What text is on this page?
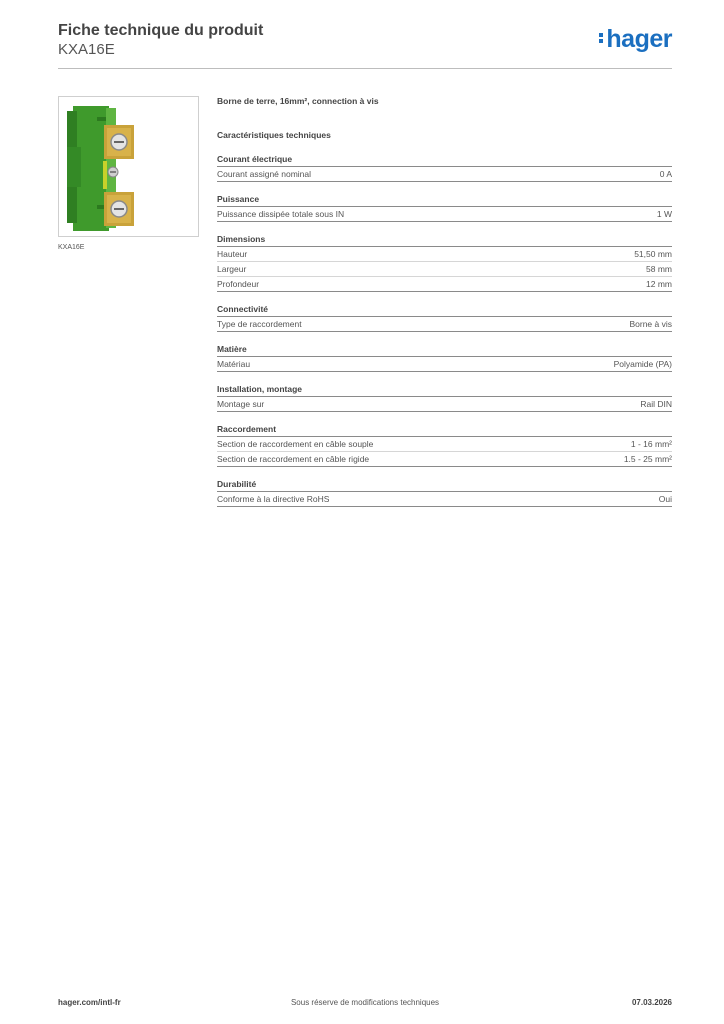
Fiche technique du produit
KXA16E	hager
KXA16E
Borne de terre, 16mm², connection à vis
Caractéristiques techniques
Courant électrique
Courant assigné nominal	0 A
Puissance
Puissance dissipée totale sous IN	1 W
Dimensions
Hauteur	51,50 mm
Largeur	58 mm
Profondeur	12 mm
Connectivité
Type de raccordement	Borne à vis
Matière
Matériau	Polyamide (PA)
Installation, montage
Montage sur	Rail DIN
Raccordement
Section de raccordement en câble souple	1 - 16 mm²
Section de raccordement en câble rigide	1.5 - 25 mm²
Durabilité
Conforme à la directive RoHS	Oui
hager.com/intl-fr	Sous réserve de modifications techniques	07.03.2026
